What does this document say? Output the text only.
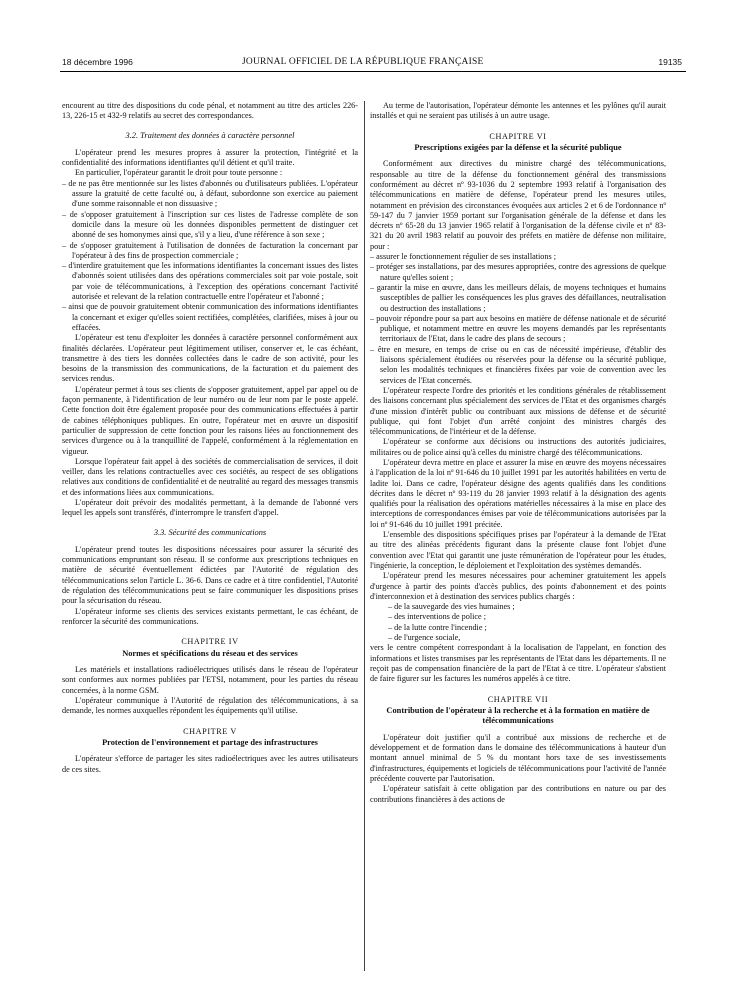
18 décembre 1996	JOURNAL OFFICIEL DE LA RÉPUBLIQUE FRANÇAISE	19135

encourent au titre des dispositions du code pénal, et notamment au titre des articles 226-13, 226-15 et 432-9 relatifs au secret des correspondances.

3.2. Traitement des données à caractère personnel

L'opérateur prend les mesures propres à assurer la protection, l'intégrité et la confidentialité des informations identifiantes qu'il détient et qu'il traite.

En particulier, l'opérateur garantit le droit pour toute personne :

– de ne pas être mentionnée sur les listes d'abonnés ou d'utilisateurs publiées. L'opérateur assure la gratuité de cette faculté ou, à défaut, subordonne son exercice au paiement d'une somme raisonnable et non dissuasive ;

– de s'opposer gratuitement à l'inscription sur ces listes de l'adresse complète de son domicile dans la mesure où les données disponibles permettent de distinguer cet abonné de ses homonymes ainsi que, s'il y a lieu, d'une référence à son sexe ;

– de s'opposer gratuitement à l'utilisation de données de facturation la concernant par l'opérateur à des fins de prospection commerciale ;

– d'interdire gratuitement que les informations identifiantes la concernant issues des listes d'abonnés soient utilisées dans des opérations commerciales soit par voie postale, soit par voie de télécommunications, à l'exception des opérations concernant l'activité autorisée et relevant de la relation contractuelle entre l'opérateur et l'abonné ;

– ainsi que de pouvoir gratuitement obtenir communication des informations identifiantes la concernant et exiger qu'elles soient rectifiées, complétées, clarifiées, mises à jour ou effacées.

L'opérateur est tenu d'exploiter les données à caractère personnel conformément aux finalités déclarées. L'opérateur peut légitimement utiliser, conserver et, le cas échéant, transmettre à des tiers les données collectées dans le cadre de son activité, pour les besoins de la transmission des communications, de la facturation et du paiement des services rendus.

L'opérateur permet à tous ses clients de s'opposer gratuitement, appel par appel ou de façon permanente, à l'identification de leur numéro ou de leur nom par le poste appelé. Cette fonction doit être également proposée pour des communications effectuées à partir de cabines téléphoniques publiques. En outre, l'opérateur met en œuvre un dispositif particulier de suppression de cette fonction pour les raisons liées au fonctionnement des services d'urgence ou à la tranquillité de l'appelé, conformément à la réglementation en vigueur.

Lorsque l'opérateur fait appel à des sociétés de commercialisation de services, il doit veiller, dans les relations contractuelles avec ces sociétés, au respect de ses obligations relatives aux conditions de confidentialité et de neutralité au regard des messages transmis et des informations liées aux communications.

L'opérateur doit prévoir des modalités permettant, à la demande de l'abonné vers lequel les appels sont transférés, d'interrompre le transfert d'appel.

3.3. Sécurité des communications

L'opérateur prend toutes les dispositions nécessaires pour assurer la sécurité des communications empruntant son réseau. Il se conforme aux prescriptions techniques en matière de sécurité éventuellement édictées par l'Autorité de régulation des télécommunications selon l'article L. 36-6. Dans ce cadre et à titre confidentiel, l'Autorité de régulation des télécommunications peut se faire communiquer les dispositions prises pour la sécurisation du réseau.

L'opérateur informe ses clients des services existants permettant, le cas échéant, de renforcer la sécurité des communications.

CHAPITRE IV

Normes et spécifications du réseau et des services

Les matériels et installations radioélectriques utilisés dans le réseau de l'opérateur sont conformes aux normes publiées par l'ETSI, notamment, pour les parties du réseau concernées, à la norme GSM.

L'opérateur communique à l'Autorité de régulation des télécommunications, à sa demande, les normes auxquelles répondent les équipements qu'il utilise.

CHAPITRE V

Protection de l'environnement et partage des infrastructures

L'opérateur s'efforce de partager les sites radioélectriques avec les autres utilisateurs de ces sites.

Au terme de l'autorisation, l'opérateur démonte les antennes et les pylônes qu'il aurait installés et qui ne seraient pas utilisés à un autre usage.

CHAPITRE VI

Prescriptions exigées par la défense et la sécurité publique

Conformément aux directives du ministre chargé des télécommunications, responsable au titre de la défense du fonctionnement général des transmissions conformément au décret nº 93-1036 du 2 septembre 1993 relatif à l'organisation des télécommunications en matière de défense, l'opérateur prend les mesures utiles, notamment en prévision des circonstances évoquées aux articles 2 et 6 de l'ordonnance nº 59-147 du 7 janvier 1959 portant sur l'organisation générale de la défense et dans les décrets nº 65-28 du 13 janvier 1965 relatif à l'organisation de la défense civile et nº 83-321 du 20 avril 1983 relatif au pouvoir des préfets en matière de défense non militaire, pour :

– assurer le fonctionnement régulier de ses installations ;

– protéger ses installations, par des mesures appropriées, contre des agressions de quelque nature qu'elles soient ;

– garantir la mise en œuvre, dans les meilleurs délais, de moyens techniques et humains susceptibles de pallier les conséquences les plus graves des défaillances, neutralisation ou destruction des installations ;

– pouvoir répondre pour sa part aux besoins en matière de défense nationale et de sécurité publique, et notamment mettre en œuvre les moyens demandés par les représentants territoriaux de l'Etat, dans le cadre des plans de secours ;

– être en mesure, en temps de crise ou en cas de nécessité impérieuse, d'établir des liaisons spécialement étudiées ou réservées pour la défense ou la sécurité publique, selon les modalités techniques et financières fixées par voie de convention avec les services de l'Etat concernés.

L'opérateur respecte l'ordre des priorités et les conditions générales de rétablissement des liaisons concernant plus spécialement des services de l'Etat et des organismes chargés d'une mission d'intérêt public ou contribuant aux missions de défense et de sécurité publique, qui font l'objet d'un arrêté conjoint des ministres chargés des télécommunications, de l'intérieur et de la défense.

L'opérateur se conforme aux décisions ou instructions des autorités judiciaires, militaires ou de police ainsi qu'à celles du ministre chargé des télécommunications.

L'opérateur devra mettre en place et assurer la mise en œuvre des moyens nécessaires à l'application de la loi nº 91-646 du 10 juillet 1991 par les autorités habilitées en vertu de ladite loi. Dans ce cadre, l'opérateur désigne des agents qualifiés dans les conditions décrites dans le décret nº 93-119 du 28 janvier 1993 relatif à la désignation des agents qualifiés pour la réalisation des opérations matérielles nécessaires à la mise en place des interceptions de correspondances émises par voie de télécommunications autorisées par la loi nº 91-646 du 10 juillet 1991 précitée.

L'ensemble des dispositions spécifiques prises par l'opérateur à la demande de l'Etat au titre des alinéas précédents figurant dans la présente clause font l'objet d'une convention avec l'Etat qui garantit une juste rémunération de l'opérateur pour les études, l'ingénierie, la conception, le déploiement et l'exploitation des systèmes demandés.

L'opérateur prend les mesures nécessaires pour acheminer gratuitement les appels d'urgence à partir des points d'accès publics, des points d'abonnement et des points d'interconnexion et à destination des services publics chargés :

– de la sauvegarde des vies humaines ;

– des interventions de police ;

– de la lutte contre l'incendie ;

– de l'urgence sociale,

vers le centre compétent correspondant à la localisation de l'appelant, en fonction des informations et listes transmises par les représentants de l'Etat dans les départements. Il ne reçoit pas de compensation financière de la part de l'Etat à ce titre. L'opérateur s'abstient de faire figurer sur les factures les numéros appelés à ce titre.

CHAPITRE VII

Contribution de l'opérateur à la recherche et à la formation en matière de télécommunications

L'opérateur doit justifier qu'il a contribué aux missions de recherche et de développement et de formation dans le domaine des télécommunications à hauteur d'un montant annuel minimal de 5 % du montant hors taxe de ses investissements d'infrastructures, équipements et logiciels de télécommunications pour l'activité de l'année précédente couverte par l'autorisation.

L'opérateur satisfait à cette obligation par des contributions en nature ou par des contributions financières à des actions de
